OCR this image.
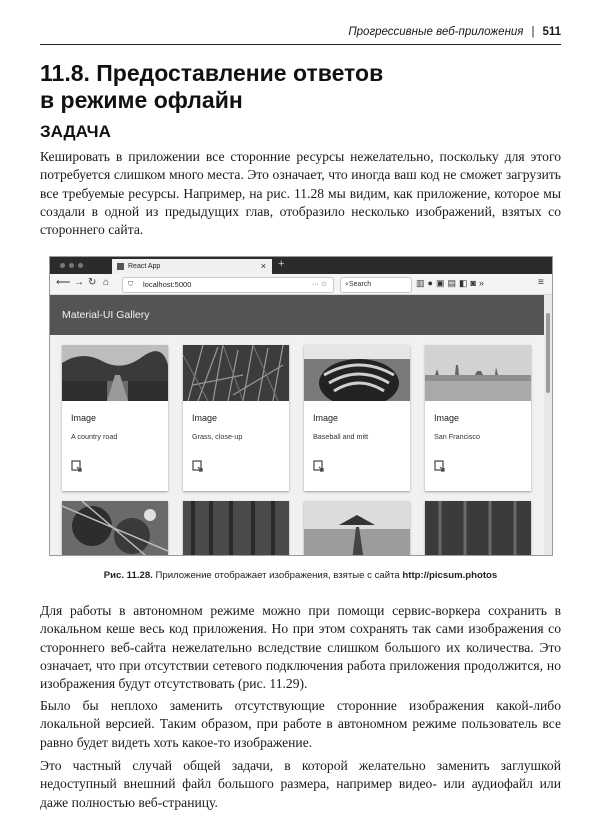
Прогрессивные веб-приложения | 511
11.8. Предоставление ответов
в режиме офлайн
ЗАДАЧА

Кешировать в приложении все сторонние ресурсы нежелательно, поскольку для этого потребуется слишком много места. Это означает, что иногда ваш код не сможет загрузить все требуемые ресурсы. Например, на рис. 11.28 мы видим, как приложение, которое мы создали в одной из предыдущих глав, отобразило несколько изображений, взятых со стороннего сайта.

React App	× +
⟵ → ↻ ⌂	⛉ localhost:5000	··· ☆	⌕ Search	▥●▣▤◧◙»	≡
Material-UI Gallery
Image
A country road
Image
Grass, close-up
Image
Baseball and mitt
Image
San Francisco

Рис. 11.28. Приложение отображает изображения, взятые с сайта http://picsum.photos

Для работы в автономном режиме можно при помощи сервис-воркера сохранить в локальном кеше весь код приложения. Но при этом сохранять так сами изображения со стороннего веб-сайта нежелательно вследствие слишком большого их количества. Это означает, что при отсутствии сетевого подключения работа приложения продолжится, но изображения будут отсутствовать (рис. 11.29).

Было бы неплохо заменить отсутствующие сторонние изображения какой-либо локальной версией. Таким образом, при работе в автономном режиме пользователь все равно будет видеть хоть какое-то изображение.

Это частный случай общей задачи, в которой желательно заменить заглушкой недоступный внешний файл большого размера, например видео- или аудиофайл или даже полностью веб-страницу.
